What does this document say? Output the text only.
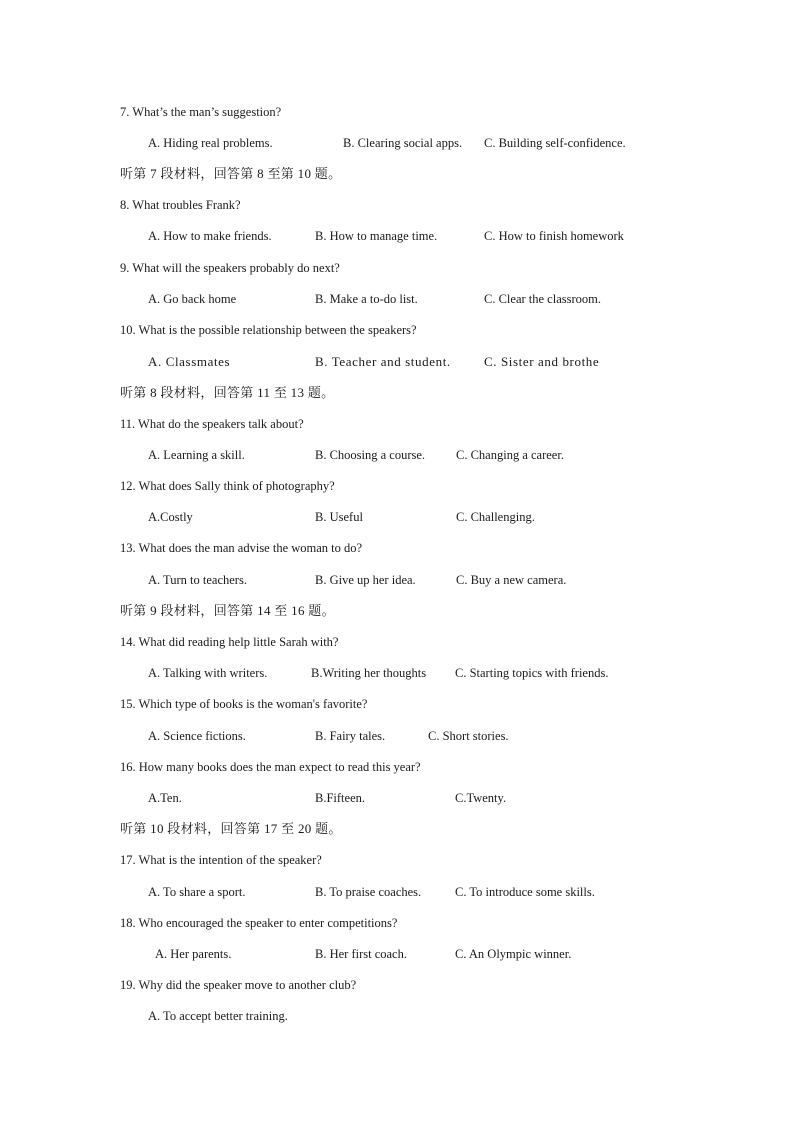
7. What’s the man’s suggestion?
A. Hiding real problems.	B. Clearing social apps. C. Building self-confidence.
听第 7 段材料，回答第 8 至第 10 题。
8. What troubles Frank?
A. How to make friends.	B. How to manage time.	C. How to finish homework
9. What will the speakers probably do next?
A. Go back home	B. Make a to-do list.	C. Clear the classroom.
10. What is the possible relationship between the speakers?
A. Classmates	B. Teacher and student.	C. Sister and brothe
听第 8 段材料，回答第 11 至 13 题。
11. What do the speakers talk about?
A. Learning a skill.	B. Choosing a course. C. Changing a career.
12. What does Sally think of photography?
A.Costly	B. Useful	C. Challenging.
13. What does the man advise the woman to do?
A. Turn to teachers.	B. Give up her idea.	C. Buy a new camera.
听第 9 段材料，回答第 14 至 16 题。
14. What did reading help little Sarah with?
A. Talking with writers.	B.Writing her thoughts C. Starting topics with friends.
15. Which type of books is the woman's favorite?
A. Science fictions.	B. Fairy tales.	C. Short stories.
16. How many books does the man expect to read this year?
A.Ten.	B.Fifteen.	C.Twenty.
听第 10 段材料，回答第 17 至 20 题。
17. What is the intention of the speaker?
A. To share a sport.	B. To praise coaches.	C. To introduce some skills.
18. Who encouraged the speaker to enter competitions?
A. Her parents.	B. Her first coach.	C. An Olympic winner.
19. Why did the speaker move to another club?
A. To accept better training.
